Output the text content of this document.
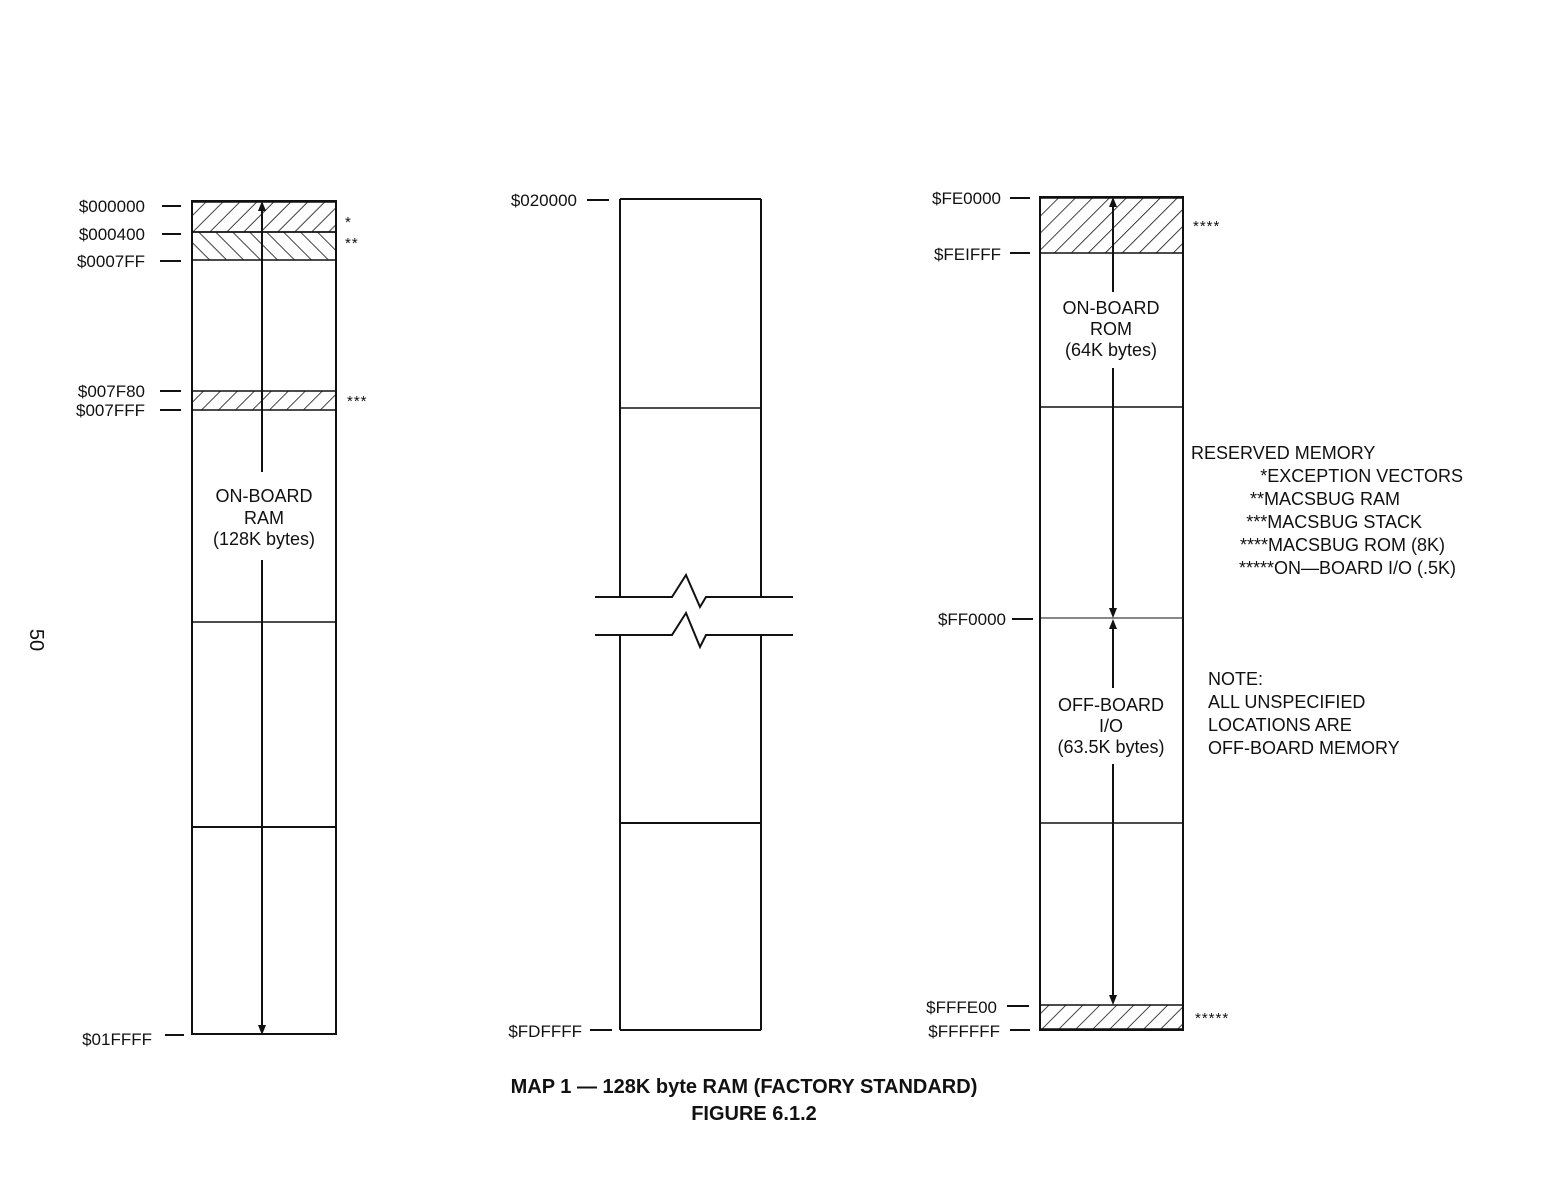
50
ON-BOARD
RAM
(128K bytes)
$000000
$000400
$0007FF
$007F80
$007FFF
$01FFFF
*
**
***
$020000
$FDFFFF
ON-BOARD
ROM
(64K bytes)
OFF-BOARD
I/O
(63.5K bytes)
$FE0000
$FEIFFF
$FF0000
$FFFE00
$FFFFFF
****
*****
RESERVED MEMORY
*EXCEPTION VECTORS
**MACSBUG RAM
***MACSBUG STACK
****MACSBUG ROM (8K)
*****ON—BOARD I/O (.5K)
NOTE:
ALL UNSPECIFIED
LOCATIONS ARE
OFF-BOARD MEMORY
MAP 1 — 128K byte RAM (FACTORY STANDARD)
FIGURE 6.1.2
